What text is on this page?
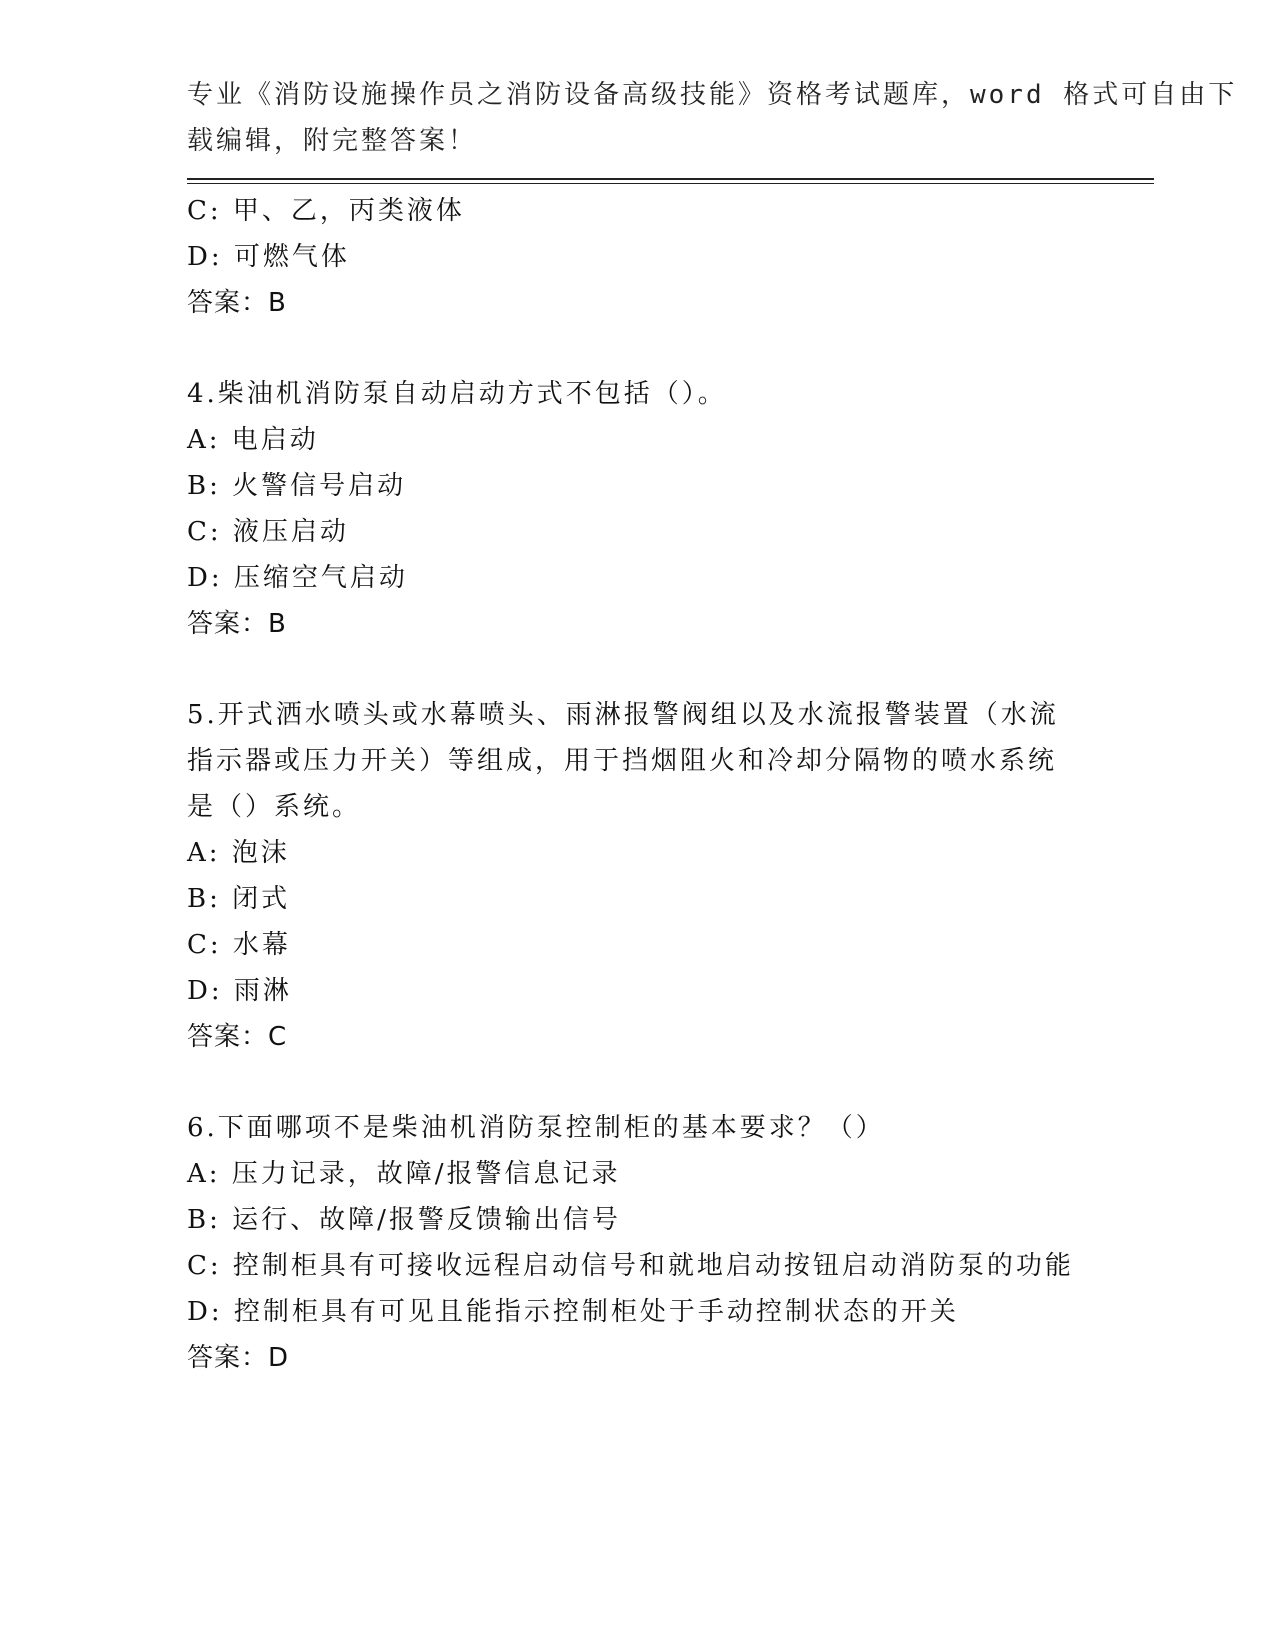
专业《消防设施操作员之消防设备高级技能》资格考试题库，word 格式可自由下
载编辑，附完整答案！
C: 甲、乙，丙类液体
D: 可燃气体
答案：B
4.柴油机消防泵自动启动方式不包括（）。
A: 电启动
B: 火警信号启动
C: 液压启动
D: 压缩空气启动
答案：B
5.开式洒水喷头或水幕喷头、雨淋报警阀组以及水流报警装置（水流
指示器或压力开关）等组成，用于挡烟阻火和冷却分隔物的喷水系统
是（）系统。
A: 泡沫
B: 闭式
C: 水幕
D: 雨淋
答案：C
6.下面哪项不是柴油机消防泵控制柜的基本要求？（）
A: 压力记录，故障/报警信息记录
B: 运行、故障/报警反馈输出信号
C: 控制柜具有可接收远程启动信号和就地启动按钮启动消防泵的功能
D: 控制柜具有可见且能指示控制柜处于手动控制状态的开关
答案：D
